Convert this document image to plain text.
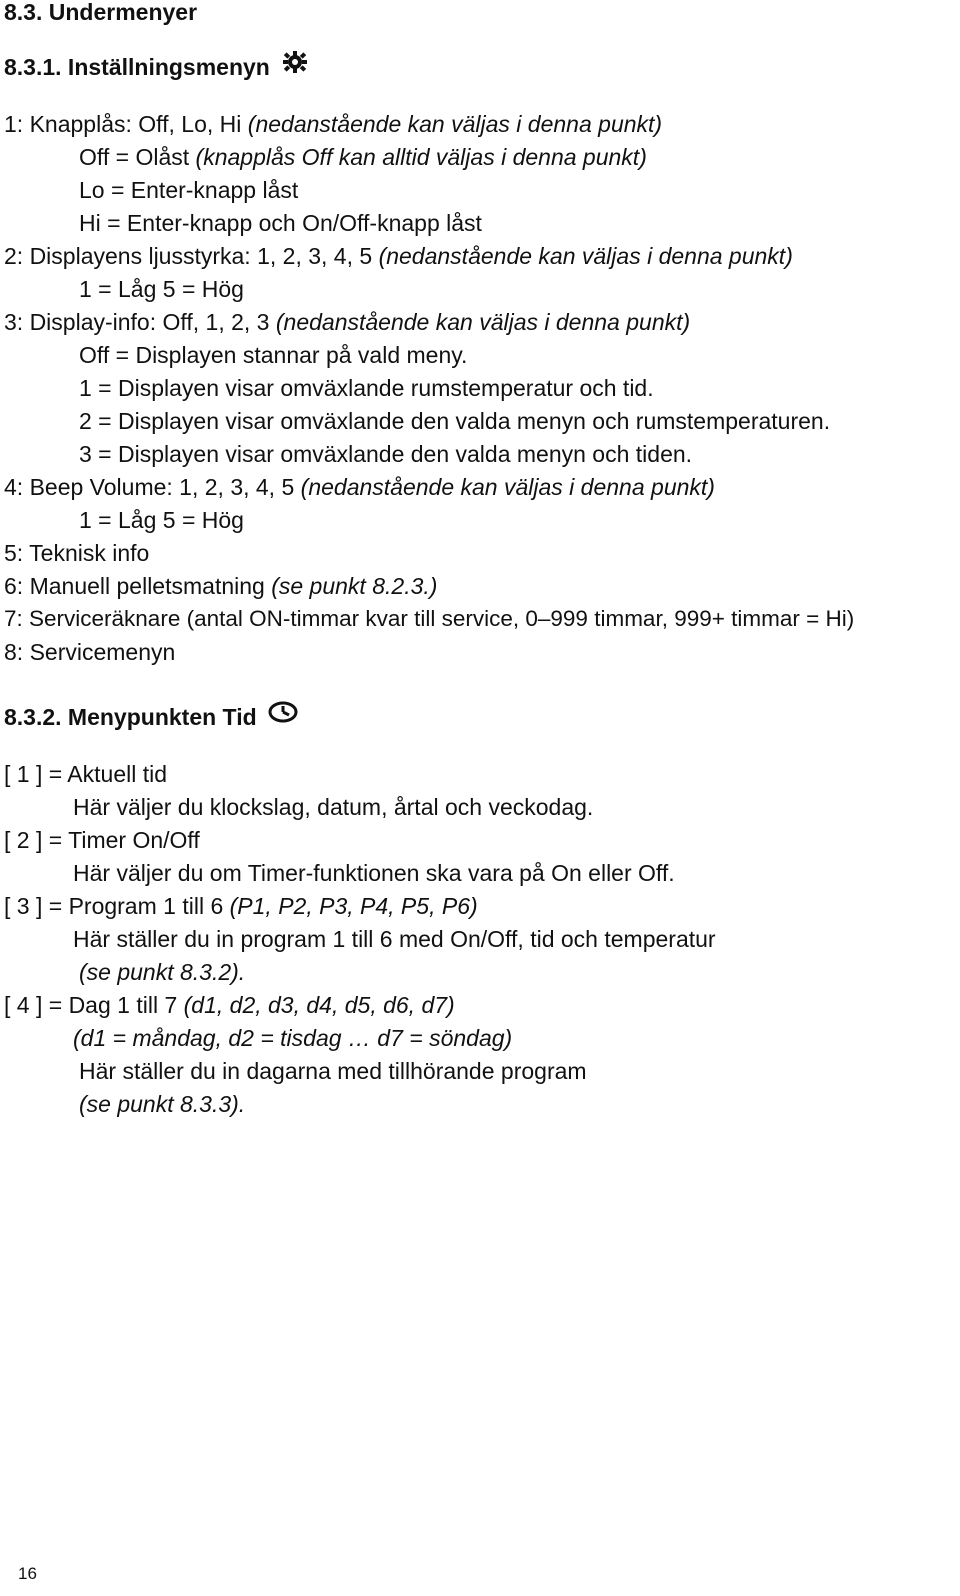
8.3. Undermenyer
8.3.1. Inställningsmenyn
1: Knapplås: Off, Lo, Hi (nedanstående kan väljas i denna punkt)
Off = Olåst (knapplås Off kan alltid väljas i denna punkt)
Lo = Enter-knapp låst
Hi = Enter-knapp och On/Off-knapp låst
2: Displayens ljusstyrka: 1, 2, 3, 4, 5 (nedanstående kan väljas i denna punkt)
1 = Låg 5 = Hög
3: Display-info: Off, 1, 2, 3 (nedanstående kan väljas i denna punkt)
Off = Displayen stannar på vald meny.
1 = Displayen visar omväxlande rumstemperatur och tid.
2 = Displayen visar omväxlande den valda menyn och rumstemperaturen.
3 = Displayen visar omväxlande den valda menyn och tiden.
4: Beep Volume: 1, 2, 3, 4, 5 (nedanstående kan väljas i denna punkt)
1 = Låg 5 = Hög
5: Teknisk info
6: Manuell pelletsmatning (se punkt 8.2.3.)
7: Serviceräknare (antal ON-timmar kvar till service, 0–999 timmar, 999+ timmar = Hi)
8: Servicemenyn
8.3.2. Menypunkten Tid
[ 1 ] = Aktuell tid
Här väljer du klockslag, datum, årtal och veckodag.
[ 2 ] = Timer On/Off
Här väljer du om Timer-funktionen ska vara på On eller Off.
[ 3 ] = Program 1 till 6 (P1, P2, P3, P4, P5, P6)
Här ställer du in program 1 till 6 med On/Off, tid och temperatur
(se punkt 8.3.2).
[ 4 ] = Dag 1 till 7 (d1, d2, d3, d4, d5, d6, d7)
(d1 = måndag, d2 = tisdag … d7 = söndag)
Här ställer du in dagarna med tillhörande program
(se punkt 8.3.3).
16
